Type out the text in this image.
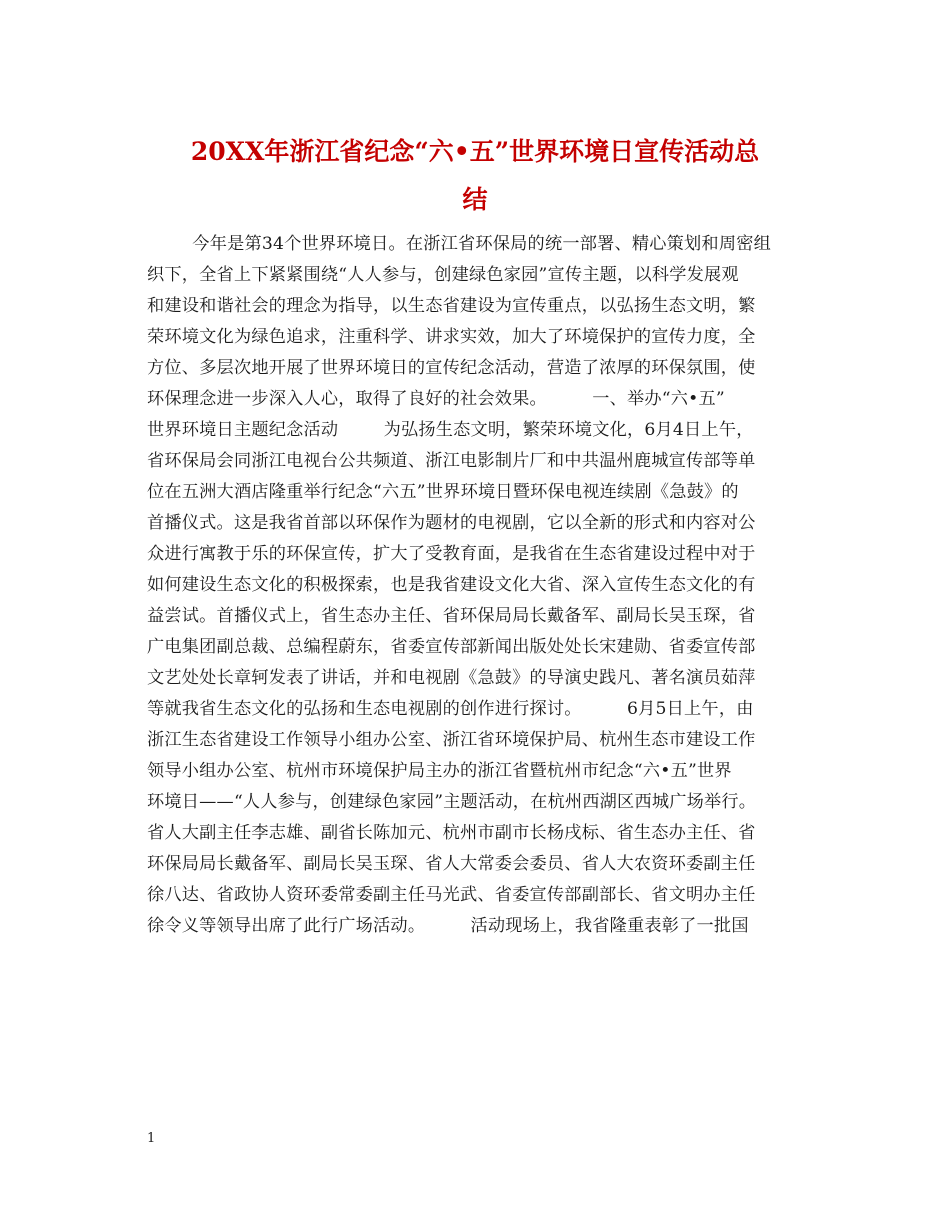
20XX年浙江省纪念“六•五”世界环境日宣传活动总
结
今年是第34个世界环境日。在浙江省环保局的统一部署、精心策划和周密组
织下，全省上下紧紧围绕“人人参与，创建绿色家园”宣传主题，以科学发展观
和建设和谐社会的理念为指导，以生态省建设为宣传重点，以弘扬生态文明，繁
荣环境文化为绿色追求，注重科学、讲求实效，加大了环境保护的宣传力度，全
方位、多层次地开展了世界环境日的宣传纪念活动，营造了浓厚的环保氛围，使
环保理念进一步深入人心，取得了良好的社会效果。        一、举办“六•五”
世界环境日主题纪念活动        为弘扬生态文明，繁荣环境文化，6月4日上午，
省环保局会同浙江电视台公共频道、浙江电影制片厂和中共温州鹿城宣传部等单
位在五洲大酒店隆重举行纪念“六五”世界环境日暨环保电视连续剧《急鼓》的
首播仪式。这是我省首部以环保作为题材的电视剧，它以全新的形式和内容对公
众进行寓教于乐的环保宣传，扩大了受教育面，是我省在生态省建设过程中对于
如何建设生态文化的积极探索，也是我省建设文化大省、深入宣传生态文化的有
益尝试。首播仪式上，省生态办主任、省环保局局长戴备军、副局长吴玉琛，省
广电集团副总裁、总编程蔚东，省委宣传部新闻出版处处长宋建勋、省委宣传部
文艺处处长章轲发表了讲话，并和电视剧《急鼓》的导演史践凡、著名演员茹萍
等就我省生态文化的弘扬和生态电视剧的创作进行探讨。        6月5日上午，由
浙江生态省建设工作领导小组办公室、浙江省环境保护局、杭州生态市建设工作
领导小组办公室、杭州市环境保护局主办的浙江省暨杭州市纪念“六•五”世界
环境日——“人人参与，创建绿色家园”主题活动，在杭州西湖区西城广场举行。
省人大副主任李志雄、副省长陈加元、杭州市副市长杨戌标、省生态办主任、省
环保局局长戴备军、副局长吴玉琛、省人大常委会委员、省人大农资环委副主任
徐八达、省政协人资环委常委副主任马光武、省委宣传部副部长、省文明办主任
徐令义等领导出席了此行广场活动。        活动现场上，我省隆重表彰了一批国
1
